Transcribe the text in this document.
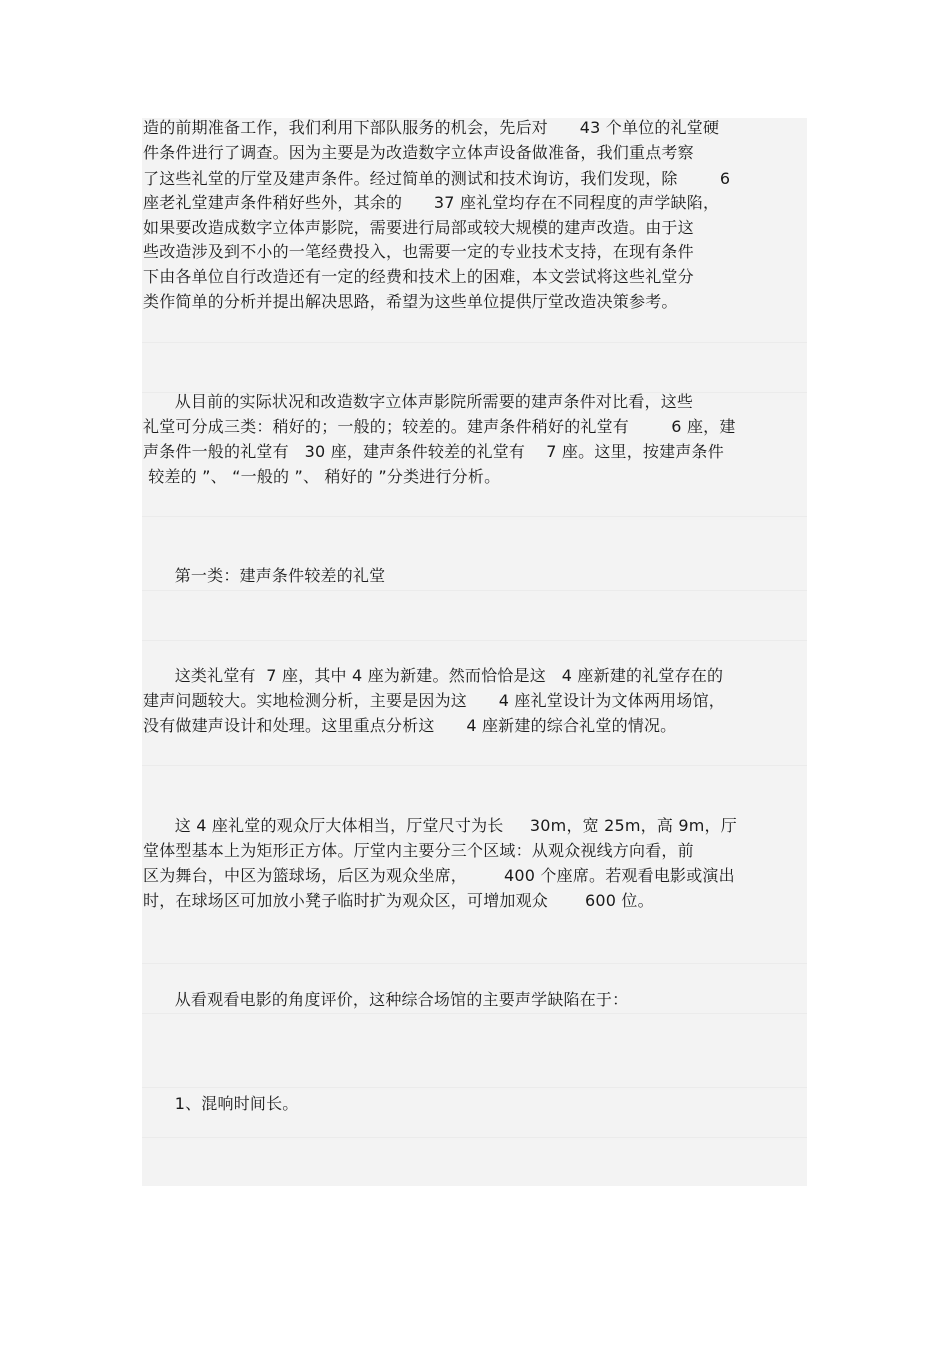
造的前期准备工作，我们利用下部队服务的机会，先后对      43 个单位的礼堂硬
件条件进行了调查。因为主要是为改造数字立体声设备做准备，我们重点考察
了这些礼堂的厅堂及建声条件。经过简单的测试和技术询访，我们发现，除        6
座老礼堂建声条件稍好些外，其余的      37 座礼堂均存在不同程度的声学缺陷，
如果要改造成数字立体声影院，需要进行局部或较大规模的建声改造。由于这
些改造涉及到不小的一笔经费投入，也需要一定的专业技术支持，在现有条件
下由各单位自行改造还有一定的经费和技术上的困难，本文尝试将这些礼堂分
类作简单的分析并提出解决思路，希望为这些单位提供厅堂改造决策参考。
从目前的实际状况和改造数字立体声影院所需要的建声条件对比看，这些
礼堂可分成三类：稍好的；一般的；较差的。建声条件稍好的礼堂有        6 座，建
声条件一般的礼堂有   30 座，建声条件较差的礼堂有    7 座。这里，按建声条件
较差的 ”、 “一般的 ”、 稍好的 ”分类进行分析。
第一类：建声条件较差的礼堂
这类礼堂有  7 座，其中 4 座为新建。然而恰恰是这   4 座新建的礼堂存在的
建声问题较大。实地检测分析，主要是因为这      4 座礼堂设计为文体两用场馆，
没有做建声设计和处理。这里重点分析这      4 座新建的综合礼堂的情况。
这 4 座礼堂的观众厅大体相当，厅堂尺寸为长     30m，宽 25m，高 9m，厅
堂体型基本上为矩形正方体。厅堂内主要分三个区域：从观众视线方向看，前
区为舞台，中区为篮球场，后区为观众坐席，       400 个座席。若观看电影或演出
时，在球场区可加放小凳子临时扩为观众区，可增加观众       600 位。
从看观看电影的角度评价，这种综合场馆的主要声学缺陷在于：
1、混响时间长。
